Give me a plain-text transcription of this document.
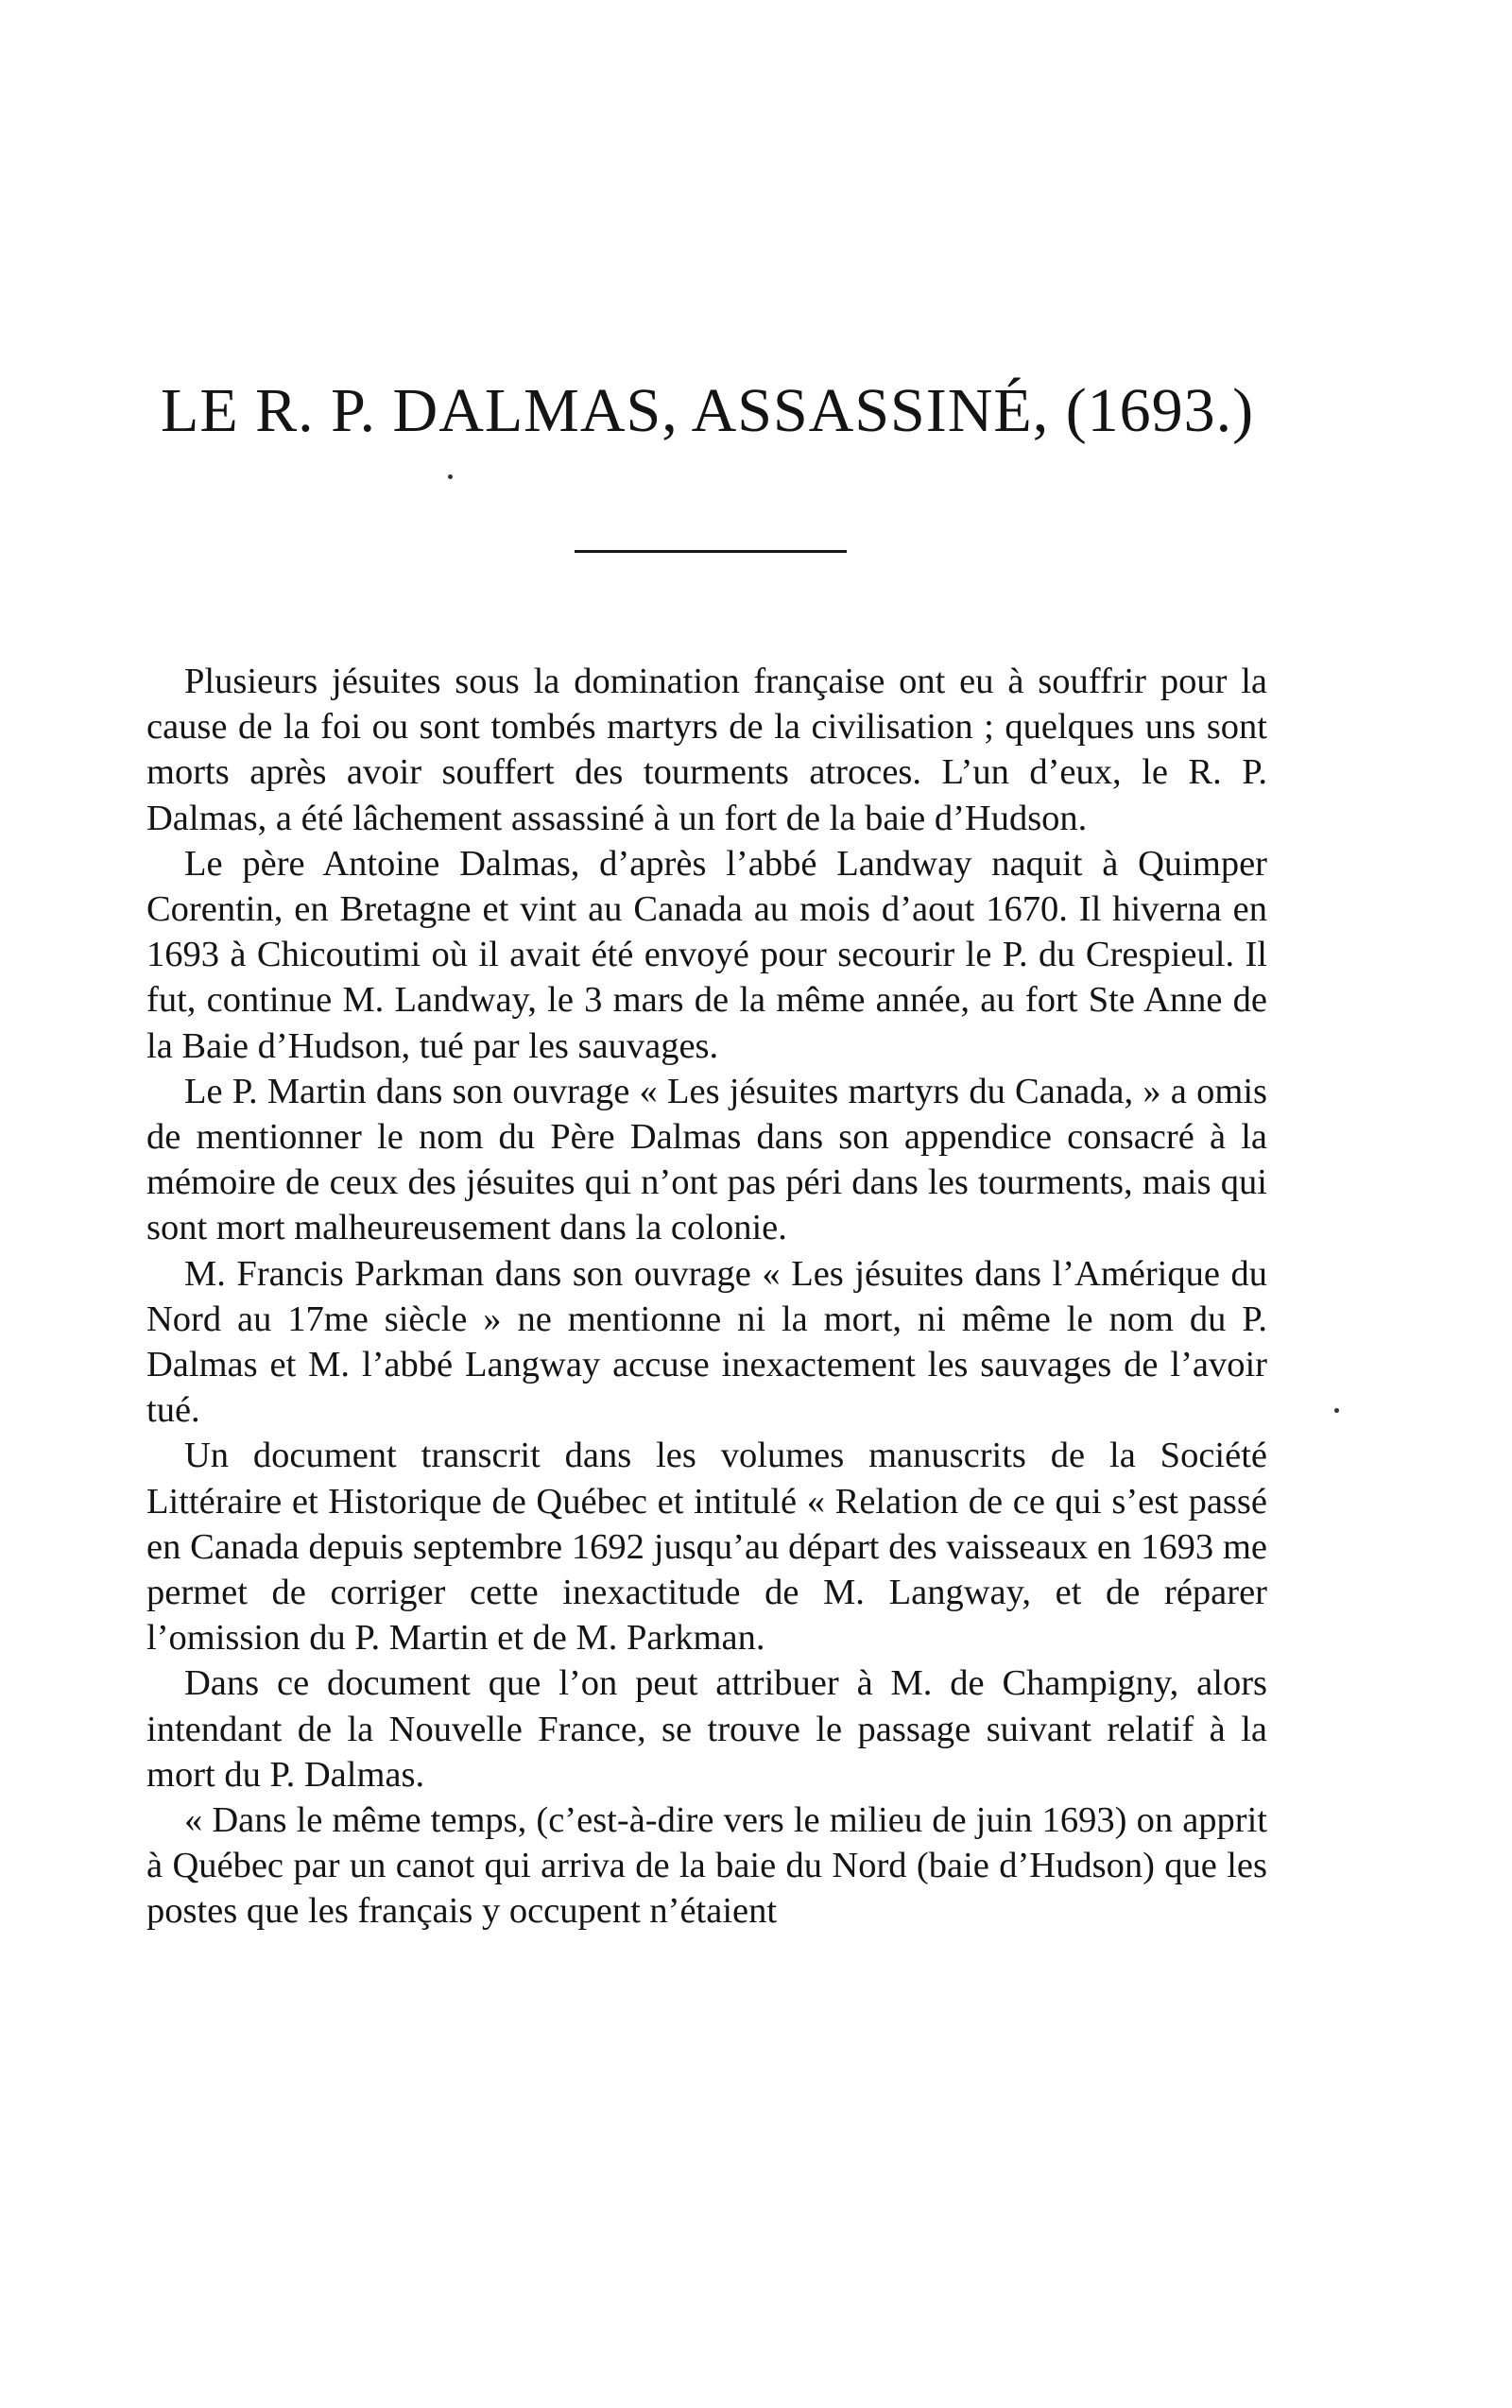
LE R. P. DALMAS, ASSASSINÉ, (1693.)

Plusieurs jésuites sous la domination française ont eu à souffrir pour la cause de la foi ou sont tombés martyrs de la civilisation ; quelques uns sont morts après avoir souffert des tourments atroces. L’un d’eux, le R. P. Dalmas, a été lâchement assassiné à un fort de la baie d’Hudson.

Le père Antoine Dalmas, d’après l’abbé Landway naquit à Quimper Corentin, en Bretagne et vint au Canada au mois d’aout 1670. Il hiverna en 1693 à Chicoutimi où il avait été envoyé pour secourir le P. du Crespieul. Il fut, continue M. Landway, le 3 mars de la même année, au fort Ste Anne de la Baie d’Hudson, tué par les sauvages.

Le P. Martin dans son ouvrage « Les jésuites martyrs du Canada, » a omis de mentionner le nom du Père Dalmas dans son appendice consacré à la mémoire de ceux des jésuites qui n’ont pas péri dans les tourments, mais qui sont mort malheureusement dans la colonie.

M. Francis Parkman dans son ouvrage « Les jésuites dans l’Amérique du Nord au 17me siècle » ne mentionne ni la mort, ni même le nom du P. Dalmas et M. l’abbé Langway accuse inexactement les sauvages de l’avoir tué.

Un document transcrit dans les volumes manuscrits de la Société Littéraire et Historique de Québec et intitulé « Relation de ce qui s’est passé en Canada depuis septembre 1692 jusqu’au départ des vaisseaux en 1693 me permet de corriger cette inexactitude de M. Langway, et de réparer l’omission du P. Martin et de M. Parkman.

Dans ce document que l’on peut attribuer à M. de Champigny, alors intendant de la Nouvelle France, se trouve le passage suivant relatif à la mort du P. Dalmas.

« Dans le même temps, (c’est-à-dire vers le milieu de juin 1693) on apprit à Québec par un canot qui arriva de la baie du Nord (baie d’Hudson) que les postes que les français y occupent n’étaient
